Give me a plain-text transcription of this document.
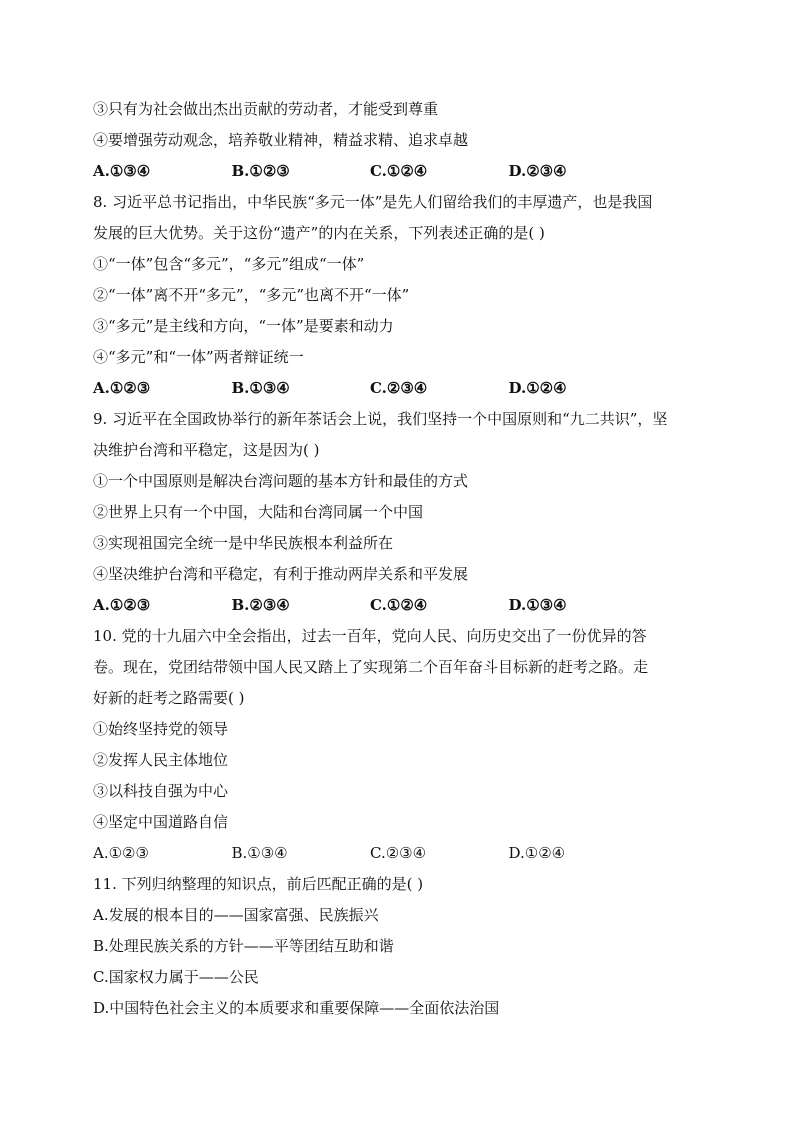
③只有为社会做出杰出贡献的劳动者，才能受到尊重
④要增强劳动观念，培养敬业精神，精益求精、追求卓越
A.①③④	B.①②③	C.①②④	D.②③④
8. 习近平总书记指出，中华民族“多元一体”是先人们留给我们的丰厚遗产，也是我国
发展的巨大优势。关于这份“遗产”的内在关系，下列表述正确的是( )
①“一体”包含“多元”，“多元”组成“一体”
②“一体”离不开“多元”，“多元”也离不开“一体”
③“多元”是主线和方向，“一体”是要素和动力
④“多元”和“一体”两者辩证统一
A.①②③	B.①③④	C.②③④	D.①②④
9. 习近平在全国政协举行的新年茶话会上说，我们坚持一个中国原则和“九二共识”，坚
决维护台湾和平稳定，这是因为( )
①一个中国原则是解决台湾问题的基本方针和最佳的方式
②世界上只有一个中国，大陆和台湾同属一个中国
③实现祖国完全统一是中华民族根本利益所在
④坚决维护台湾和平稳定，有利于推动两岸关系和平发展
A.①②③	B.②③④	C.①②④	D.①③④
10. 党的十九届六中全会指出，过去一百年，党向人民、向历史交出了一份优异的答
卷。现在，党团结带领中国人民又踏上了实现第二个百年奋斗目标新的赶考之路。走
好新的赶考之路需要( )
①始终坚持党的领导
②发挥人民主体地位
③以科技自强为中心
④坚定中国道路自信
A.①②③	B.①③④	C.②③④	D.①②④
11. 下列归纳整理的知识点，前后匹配正确的是( )
A.发展的根本目的——国家富强、民族振兴
B.处理民族关系的方针——平等团结互助和谐
C.国家权力属于——公民
D.中国特色社会主义的本质要求和重要保障——全面依法治国
